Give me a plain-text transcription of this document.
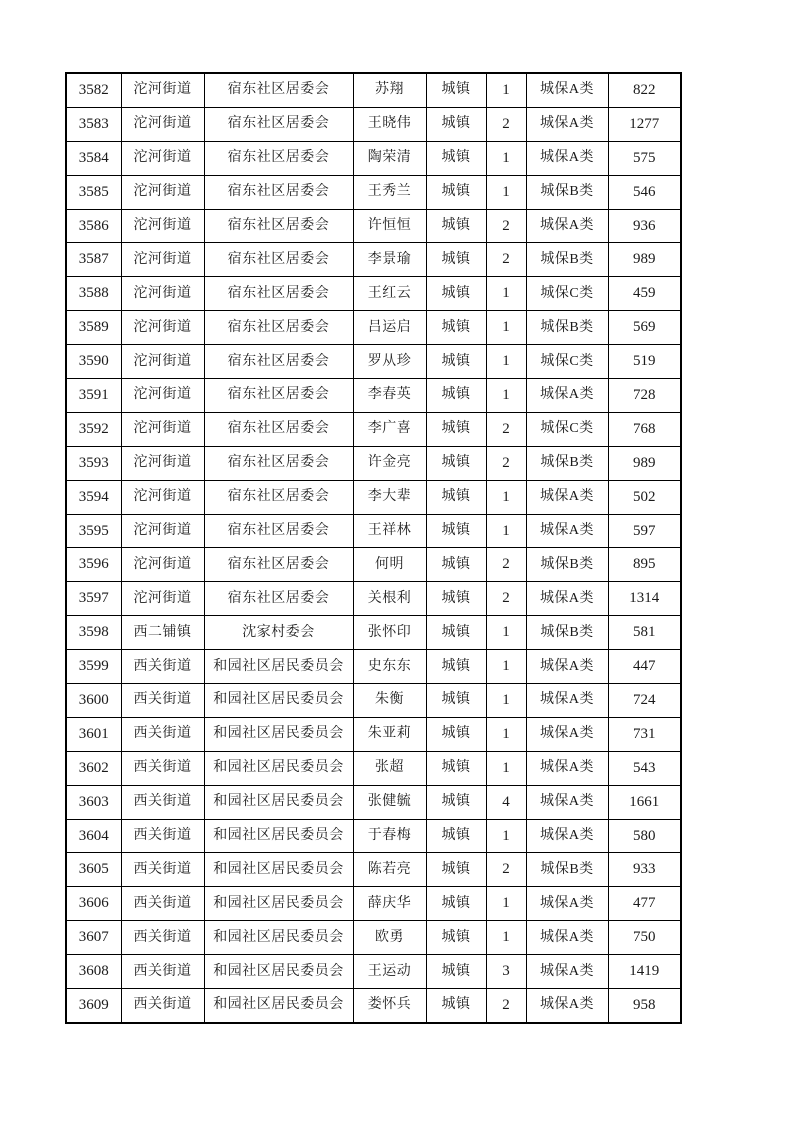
3582	沱河街道	宿东社区居委会	苏翔	城镇	1	城保A类	822
3583	沱河街道	宿东社区居委会	王晓伟	城镇	2	城保A类	1277
3584	沱河街道	宿东社区居委会	陶荣清	城镇	1	城保A类	575
3585	沱河街道	宿东社区居委会	王秀兰	城镇	1	城保B类	546
3586	沱河街道	宿东社区居委会	许恒恒	城镇	2	城保A类	936
3587	沱河街道	宿东社区居委会	李景瑜	城镇	2	城保B类	989
3588	沱河街道	宿东社区居委会	王红云	城镇	1	城保C类	459
3589	沱河街道	宿东社区居委会	吕运启	城镇	1	城保B类	569
3590	沱河街道	宿东社区居委会	罗从珍	城镇	1	城保C类	519
3591	沱河街道	宿东社区居委会	李春英	城镇	1	城保A类	728
3592	沱河街道	宿东社区居委会	李广喜	城镇	2	城保C类	768
3593	沱河街道	宿东社区居委会	许金亮	城镇	2	城保B类	989
3594	沱河街道	宿东社区居委会	李大辈	城镇	1	城保A类	502
3595	沱河街道	宿东社区居委会	王祥林	城镇	1	城保A类	597
3596	沱河街道	宿东社区居委会	何明	城镇	2	城保B类	895
3597	沱河街道	宿东社区居委会	关根利	城镇	2	城保A类	1314
3598	西二铺镇	沈家村委会	张怀印	城镇	1	城保B类	581
3599	西关街道	和园社区居民委员会	史东东	城镇	1	城保A类	447
3600	西关街道	和园社区居民委员会	朱衡	城镇	1	城保A类	724
3601	西关街道	和园社区居民委员会	朱亚莉	城镇	1	城保A类	731
3602	西关街道	和园社区居民委员会	张超	城镇	1	城保A类	543
3603	西关街道	和园社区居民委员会	张健毓	城镇	4	城保A类	1661
3604	西关街道	和园社区居民委员会	于春梅	城镇	1	城保A类	580
3605	西关街道	和园社区居民委员会	陈若亮	城镇	2	城保B类	933
3606	西关街道	和园社区居民委员会	薛庆华	城镇	1	城保A类	477
3607	西关街道	和园社区居民委员会	欧勇	城镇	1	城保A类	750
3608	西关街道	和园社区居民委员会	王运动	城镇	3	城保A类	1419
3609	西关街道	和园社区居民委员会	娄怀兵	城镇	2	城保A类	958
